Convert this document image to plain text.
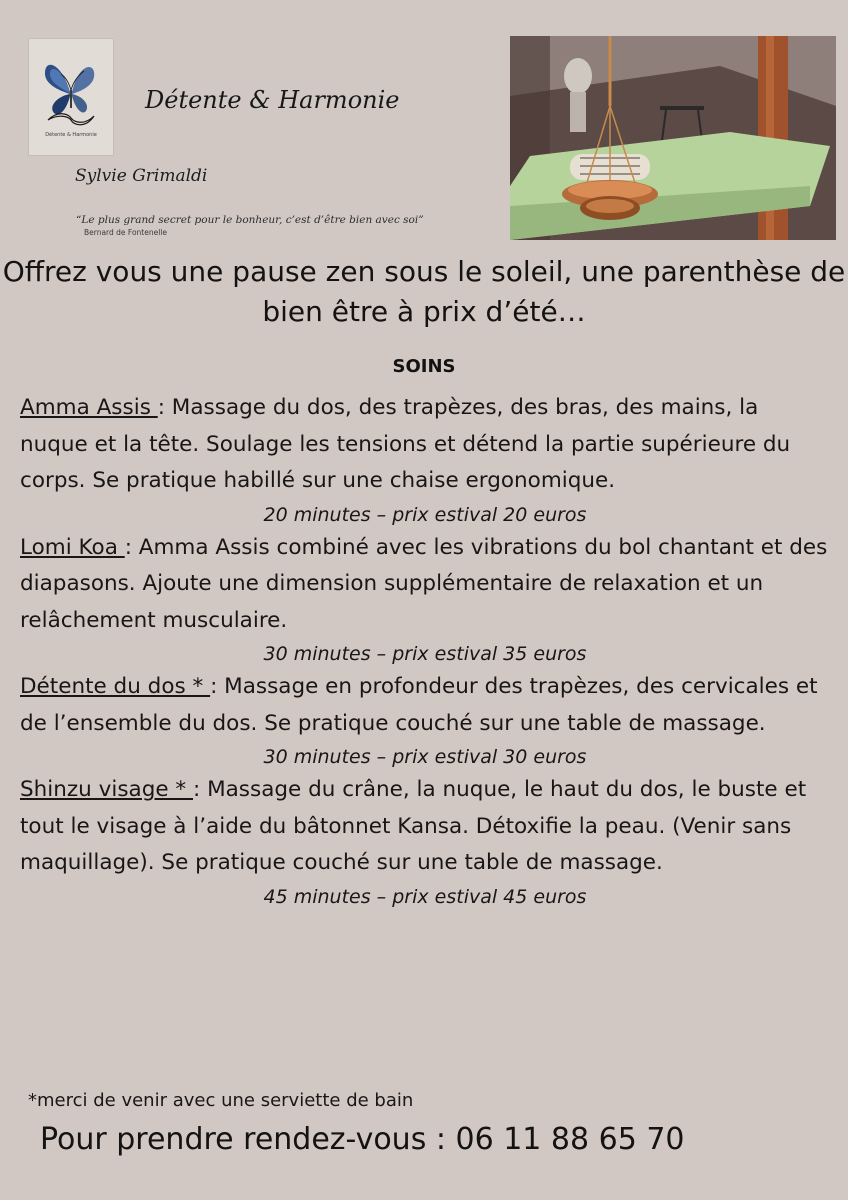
Détente & Harmonie
Détente & Harmonie
Sylvie Grimaldi
“Le plus grand secret pour le bonheur, c’est d’être bien avec soi”
Bernard de Fontenelle
Offrez vous une pause zen sous le soleil, une parenthèse de bien être à prix d’été…
SOINS

Amma Assis : Massage du dos, des trapèzes, des bras, des mains, la nuque et la tête. Soulage les tensions et détend la partie supérieure du corps. Se pratique habillé sur une chaise ergonomique.

20 minutes – prix estival 20 euros

Lomi Koa : Amma Assis combiné avec les vibrations du bol chantant et des diapasons. Ajoute une dimension supplémentaire de relaxation et un relâchement musculaire.

30 minutes – prix estival 35 euros

Détente du dos * : Massage en profondeur des trapèzes, des cervicales et de l’ensemble du dos. Se pratique couché sur une table de massage.

30 minutes – prix estival 30 euros

Shinzu visage * : Massage du crâne, la nuque, le haut du dos, le buste et tout le visage à l’aide du bâtonnet Kansa. Détoxifie la peau. (Venir sans maquillage). Se pratique couché sur une table de massage.

45 minutes – prix estival 45 euros

*merci de venir avec une serviette de bain
Pour prendre rendez-vous : 06 11 88 65 70
